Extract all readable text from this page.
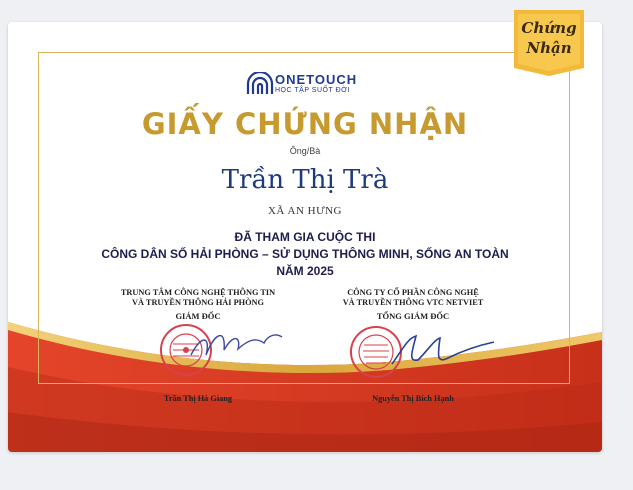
ONETOUCH
HỌC TẬP SUỐT ĐỜI
GIẤY CHỨNG NHẬN
Ông/Bà
Trần Thị Trà
XÃ AN HƯNG
ĐÃ THAM GIA CUỘC THI
CÔNG DÂN SỐ HẢI PHÒNG – SỬ DỤNG THÔNG MINH, SỐNG AN TOÀN
NĂM 2025
TRUNG TÂM CÔNG NGHỆ THÔNG TIN
VÀ TRUYỀN THÔNG HẢI PHÒNG
GIÁM ĐỐC
Trần Thị Hà Giang
CÔNG TY CỔ PHẦN CÔNG NGHỆ
VÀ TRUYỀN THÔNG VTC NETVIET
TỔNG GIÁM ĐỐC
Nguyễn Thị Bích Hạnh
Chứng
Nhận
